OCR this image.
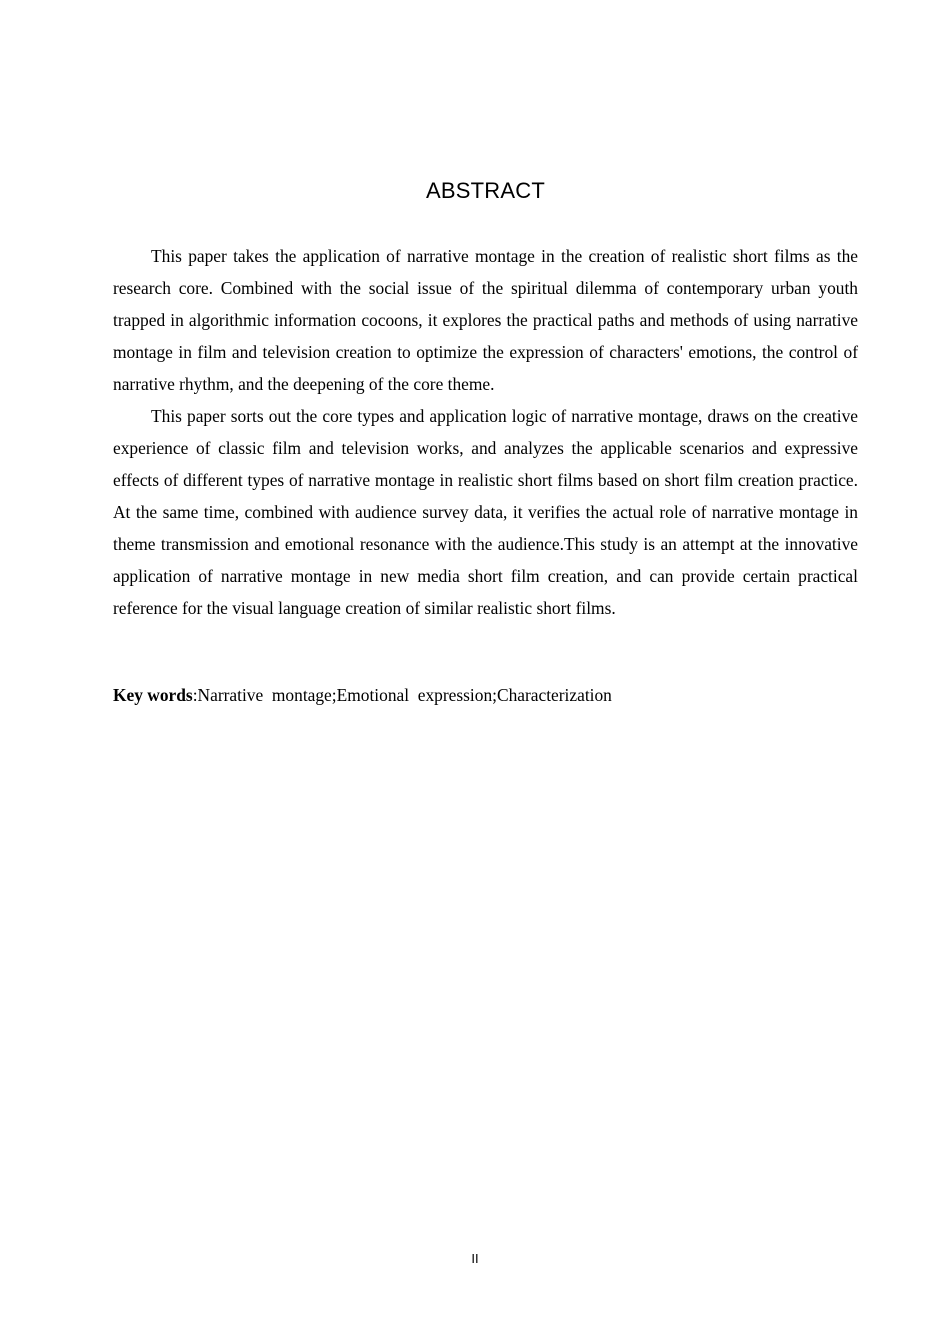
ABSTRACT

This paper takes the application of narrative montage in the creation of realistic short films as the research core. Combined with the social issue of the spiritual dilemma of contemporary urban youth trapped in algorithmic information cocoons, it explores the practical paths and methods of using narrative montage in film and television creation to optimize the expression of characters' emotions, the control of narrative rhythm, and the deepening of the core theme.

This paper sorts out the core types and application logic of narrative montage, draws on the creative experience of classic film and television works, and analyzes the applicable scenarios and expressive effects of different types of narrative montage in realistic short films based on short film creation practice. At the same time, combined with audience survey data, it verifies the actual role of narrative montage in theme transmission and emotional resonance with the audience.This study is an attempt at the innovative application of narrative montage in new media short film creation, and can provide certain practical reference for the visual language creation of similar realistic short films.

Key words:Narrative  montage;Emotional  expression;Characterization
II
